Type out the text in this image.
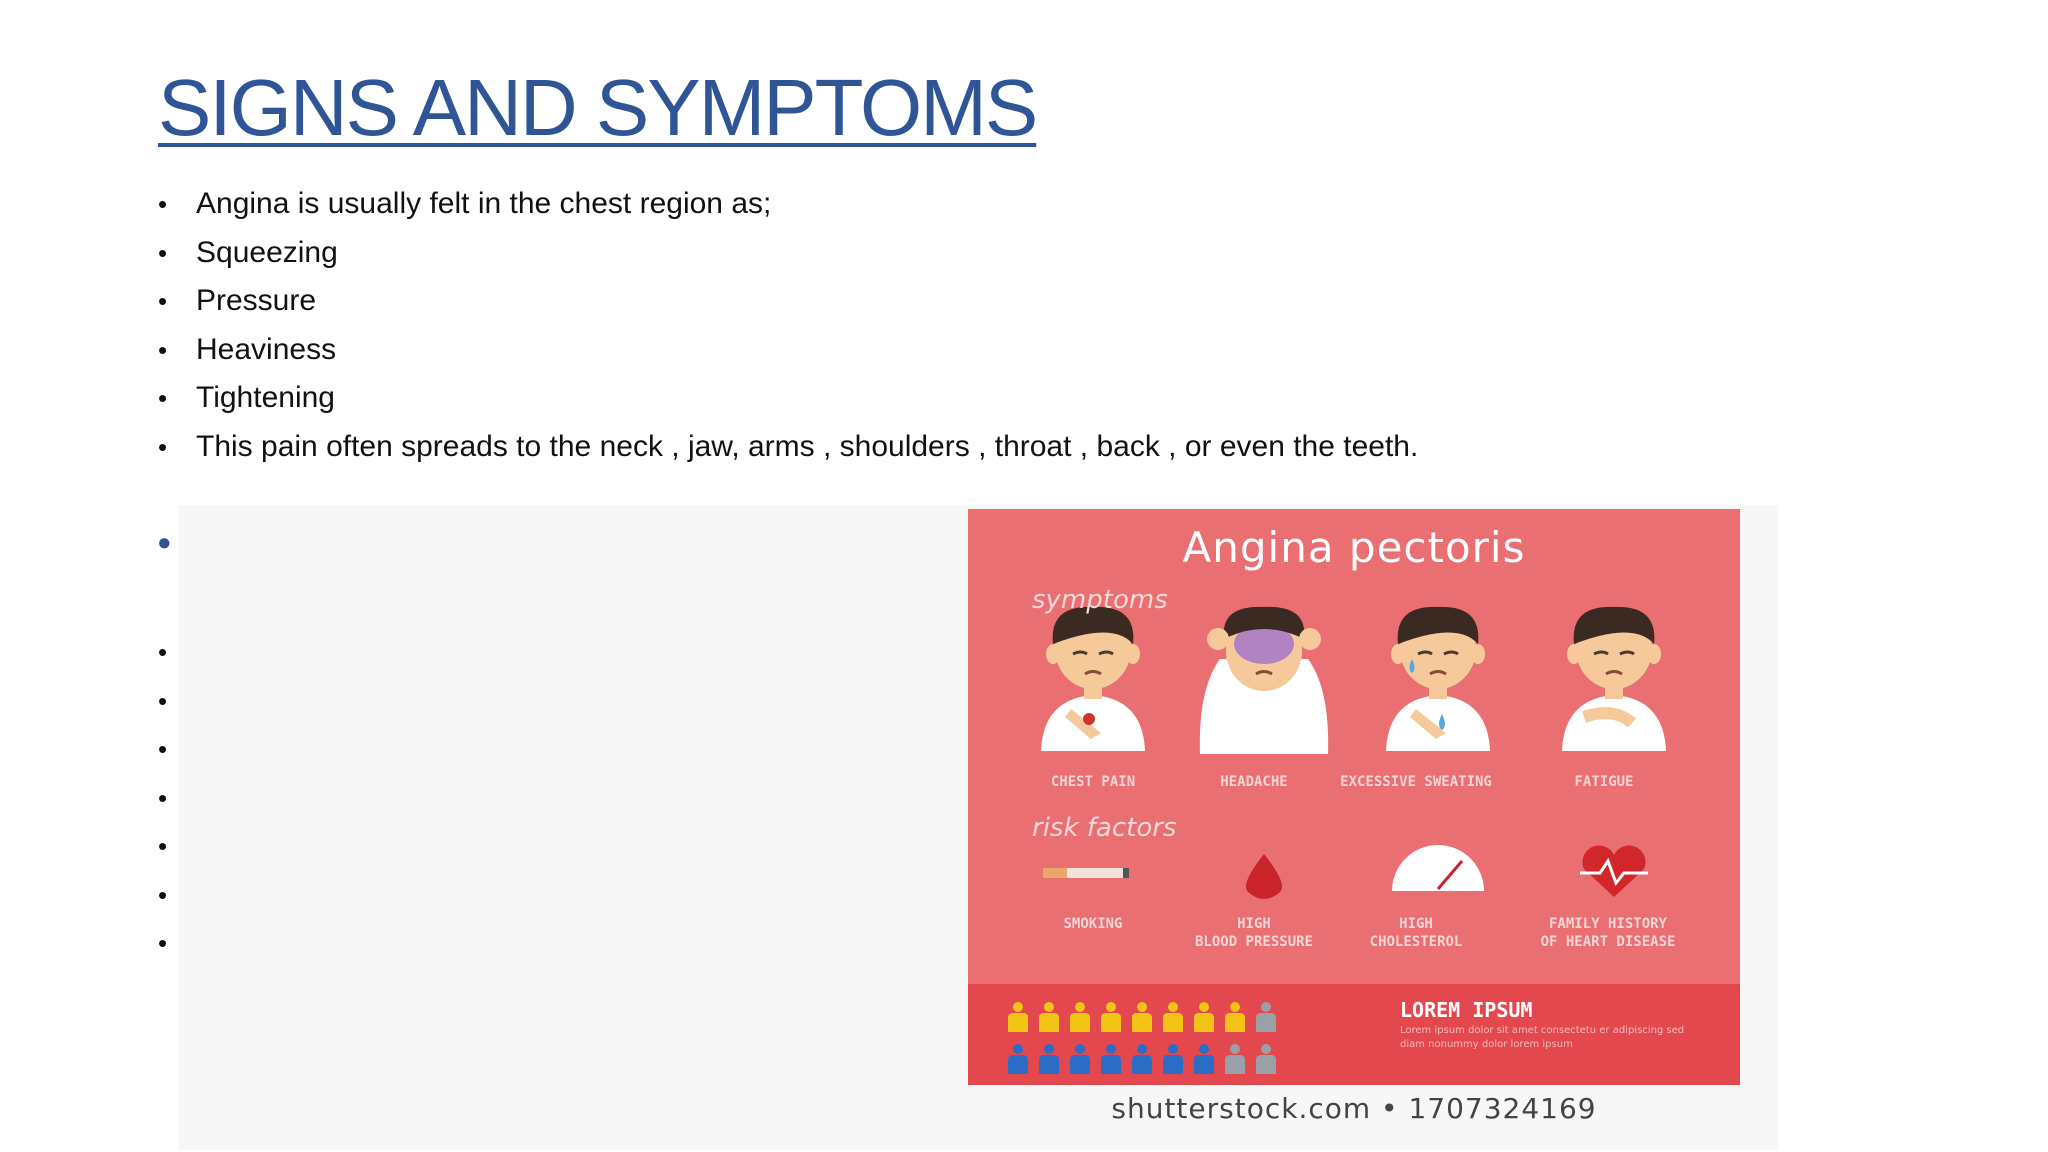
SIGNS AND SYMPTOMS
• Angina is usually felt in the chest region as;
• Squeezing
• Pressure
• Heaviness
• Tightening
• This pain often spreads to the neck , jaw, arms , shoulders , throat , back , or even the teeth.
•
•
•
•
•
•
•
•
Angina pectoris
symptoms
CHEST PAIN	HEADACHE	EXCESSIVE SWEATING	FATIGUE
risk factors
SMOKING	HIGH
BLOOD PRESSURE
HIGH
CHOLESTEROL
FAMILY HISTORY
OF HEART DISEASE
LOREM IPSUM
Lorem ipsum dolor sit amet consectetu er adipiscing sed diam nonummy dolor lorem ipsum
shutterstock.com • 1707324169
